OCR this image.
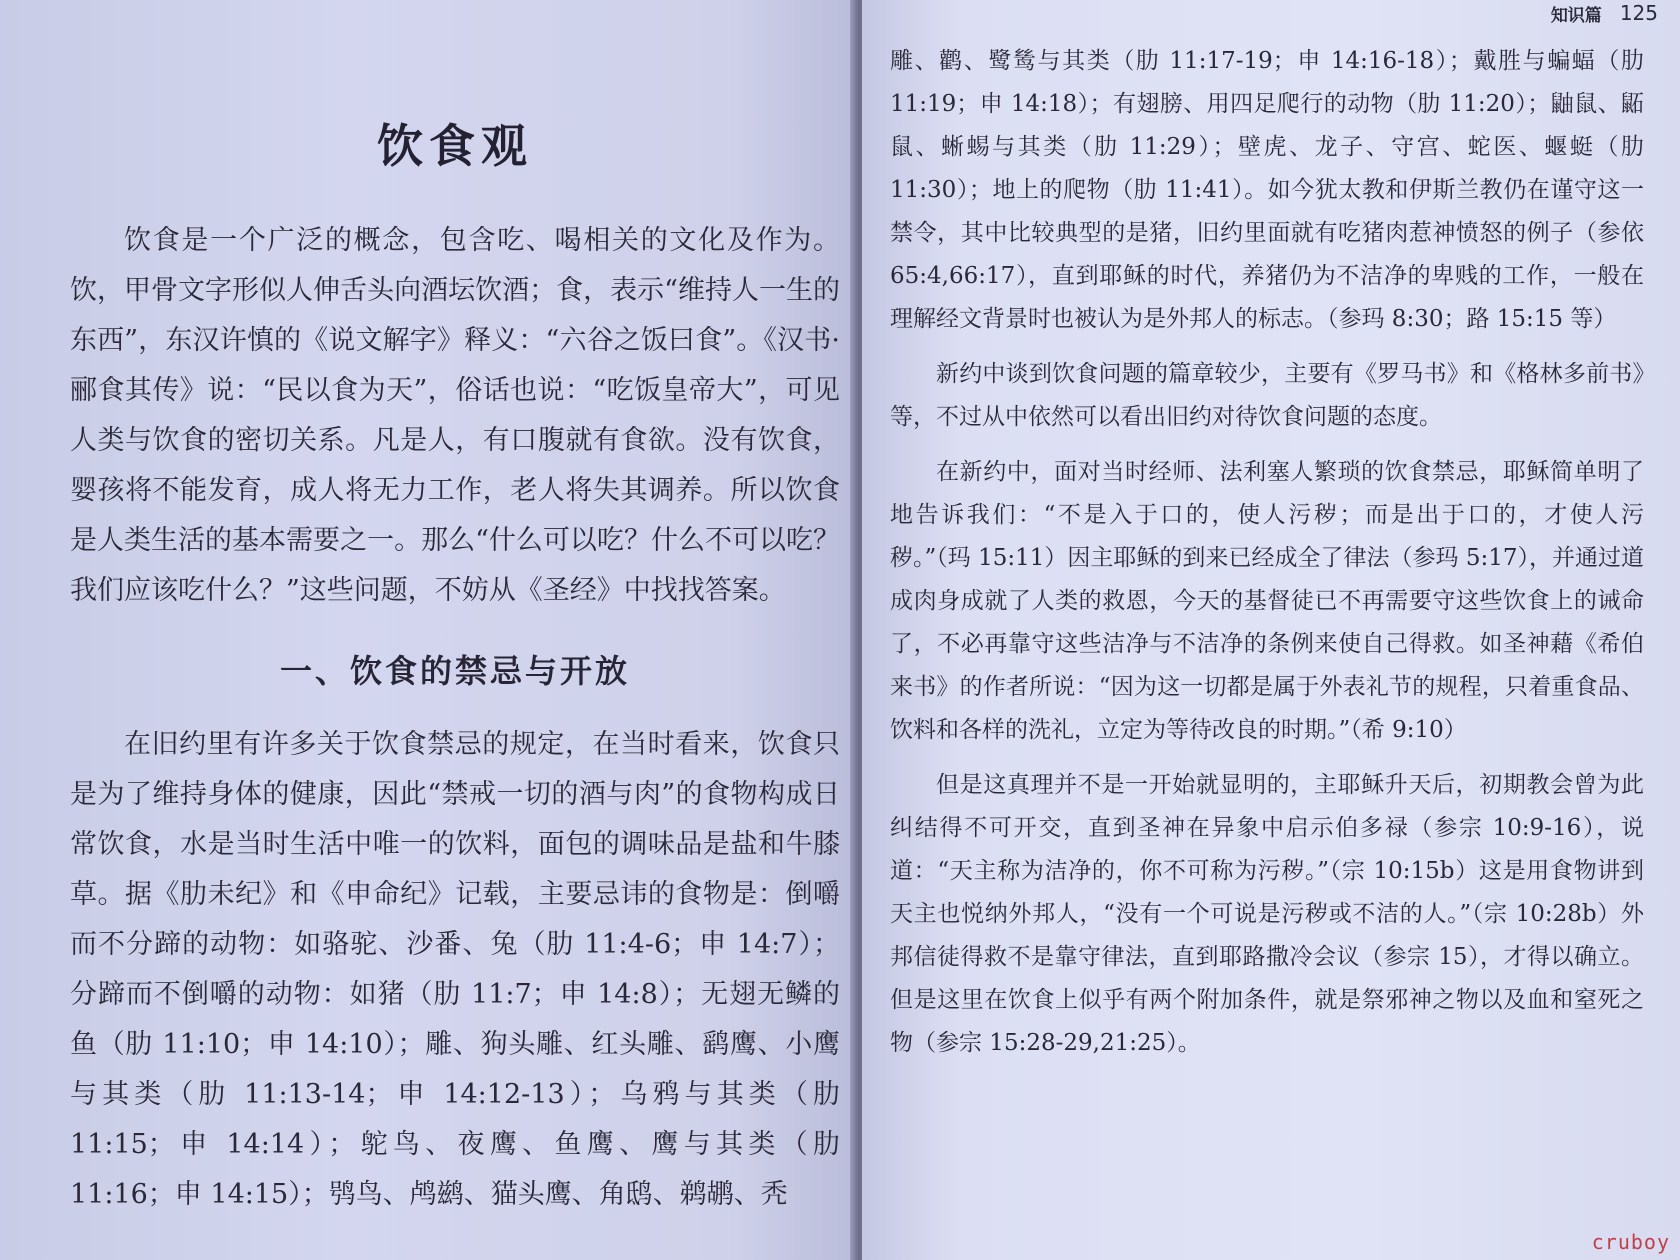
饮食观

饮食是一个广泛的概念，包含吃、喝相关的文化及作为。饮，甲骨文字形似人伸舌头向酒坛饮酒；食，表示“维持人一生的东西”，东汉许慎的《说文解字》释义：“六谷之饭曰食”。《汉书·郦食其传》说：“民以食为天”，俗话也说：“吃饭皇帝大”，可见人类与饮食的密切关系。凡是人，有口腹就有食欲。没有饮食，婴孩将不能发育，成人将无力工作，老人将失其调养。所以饮食是人类生活的基本需要之一。那么“什么可以吃？什么不可以吃？我们应该吃什么？”这些问题，不妨从《圣经》中找找答案。

一、饮食的禁忌与开放

在旧约里有许多关于饮食禁忌的规定，在当时看来，饮食只是为了维持身体的健康，因此“禁戒一切的酒与肉”的食物构成日常饮食，水是当时生活中唯一的饮料，面包的调味品是盐和牛膝草。据《肋未纪》和《申命纪》记载，主要忌讳的食物是：倒嚼而不分蹄的动物：如骆驼、沙番、兔（肋 11:4-6；申 14:7）；分蹄而不倒嚼的动物：如猪（肋 11:7；申 14:8）；无翅无鳞的鱼（肋 11:10；申 14:10）；雕、狗头雕、红头雕、鹞鹰、小鹰与其类（肋 11:13-14；申 14:12-13）；乌鸦与其类（肋 11:15；申 14:14）；鸵鸟、夜鹰、鱼鹰、鹰与其类（肋 11:16；申 14:15）；鸮鸟、鸬鹚、猫头鹰、角鸱、鹈鹕、秃

雕、鹳、鹭鸶与其类（肋 11:17-19；申 14:16-18）；戴胜与蝙蝠（肋 11:19；申 14:18）；有翅膀、用四足爬行的动物（肋 11:20）；鼬鼠、鼫鼠、蜥蜴与其类（肋 11:29）；壁虎、龙子、守宫、蛇医、蝘蜓（肋 11:30）；地上的爬物（肋 11:41）。如今犹太教和伊斯兰教仍在谨守这一禁令，其中比较典型的是猪，旧约里面就有吃猪肉惹神愤怒的例子（参依 65:4,66:17），直到耶稣的时代，养猪仍为不洁净的卑贱的工作，一般在理解经文背景时也被认为是外邦人的标志。（参玛 8:30；路 15:15 等）

新约中谈到饮食问题的篇章较少，主要有《罗马书》和《格林多前书》等，不过从中依然可以看出旧约对待饮食问题的态度。

在新约中，面对当时经师、法利塞人繁琐的饮食禁忌，耶稣简单明了地告诉我们：“不是入于口的，使人污秽；而是出于口的，才使人污秽。”（玛 15:11）因主耶稣的到来已经成全了律法（参玛 5:17），并通过道成肉身成就了人类的救恩，今天的基督徒已不再需要守这些饮食上的诫命了，不必再靠守这些洁净与不洁净的条例来使自己得救。如圣神藉《希伯来书》的作者所说：“因为这一切都是属于外表礼节的规程，只着重食品、饮料和各样的洗礼，立定为等待改良的时期。”（希 9:10）

但是这真理并不是一开始就显明的，主耶稣升天后，初期教会曾为此纠结得不可开交，直到圣神在异象中启示伯多禄（参宗 10:9-16），说道：“天主称为洁净的，你不可称为污秽。”（宗 10:15b）这是用食物讲到天主也悦纳外邦人，“没有一个可说是污秽或不洁的人。”（宗 10:28b）外邦信徒得救不是靠守律法，直到耶路撒冷会议（参宗 15），才得以确立。但是这里在饮食上似乎有两个附加条件，就是祭邪神之物以及血和窒死之物（参宗 15:28-29,21:25）。

知识篇 125
cruboy
